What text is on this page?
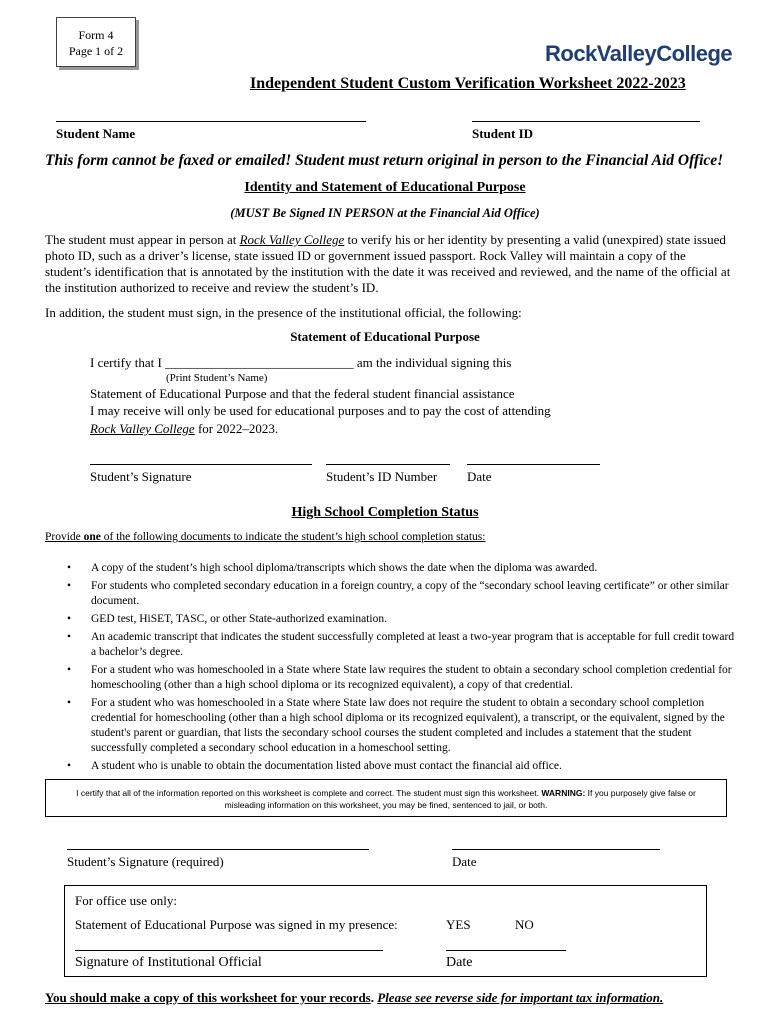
Form 4
Page 1 of 2	RockValleyCollege
Independent Student Custom Verification Worksheet 2022-2023
Student Name	Student ID
This form cannot be faxed or emailed! Student must return original in person to the Financial Aid Office!
Identity and Statement of Educational Purpose
(MUST Be Signed IN PERSON at the Financial Aid Office)
The student must appear in person at Rock Valley College to verify his or her identity by presenting a valid (unexpired) state issued photo ID, such as a driver’s license, state issued ID or government issued passport. Rock Valley will maintain a copy of the student’s identification that is annotated by the institution with the date it was received and reviewed, and the name of the official at the institution authorized to receive and review the student’s ID.
In addition, the student must sign, in the presence of the institutional official, the following:
Statement of Educational Purpose
I certify that I _____________________________ am the individual signing this
(Print Student’s Name)
Statement of Educational Purpose and that the federal student financial assistance
I may receive will only be used for educational purposes and to pay the cost of attending
Rock Valley College for 2022–2023.
Student’s Signature	Student’s ID Number Date
High School Completion Status
Provide one of the following documents to indicate the student’s high school completion status:
• A copy of the student’s high school diploma/transcripts which shows the date when the diploma was awarded.
• For students who completed secondary education in a foreign country, a copy of the “secondary school leaving certificate” or other similar document.
• GED test, HiSET, TASC, or other State-authorized examination.
• An academic transcript that indicates the student successfully completed at least a two-year program that is acceptable for full credit toward a bachelor’s degree.
• For a student who was homeschooled in a State where State law requires the student to obtain a secondary school completion credential for homeschooling (other than a high school diploma or its recognized equivalent), a copy of that credential.
• For a student who was homeschooled in a State where State law does not require the student to obtain a secondary school completion credential for homeschooling (other than a high school diploma or its recognized equivalent), a transcript, or the equivalent, signed by the student's parent or guardian, that lists the secondary school courses the student completed and includes a statement that the student successfully completed a secondary school education in a homeschool setting.
• A student who is unable to obtain the documentation listed above must contact the financial aid office.
I certify that all of the information reported on this worksheet is complete and correct. The student must sign this worksheet. WARNING: If you purposely give false or misleading information on this worksheet, you may be fined, sentenced to jail, or both.
Student’s Signature (required)	Date
For office use only:
Statement of Educational Purpose was signed in my presence:	YES	NO
Signature of Institutional Official	Date
You should make a copy of this worksheet for your records. Please see reverse side for important tax information.
